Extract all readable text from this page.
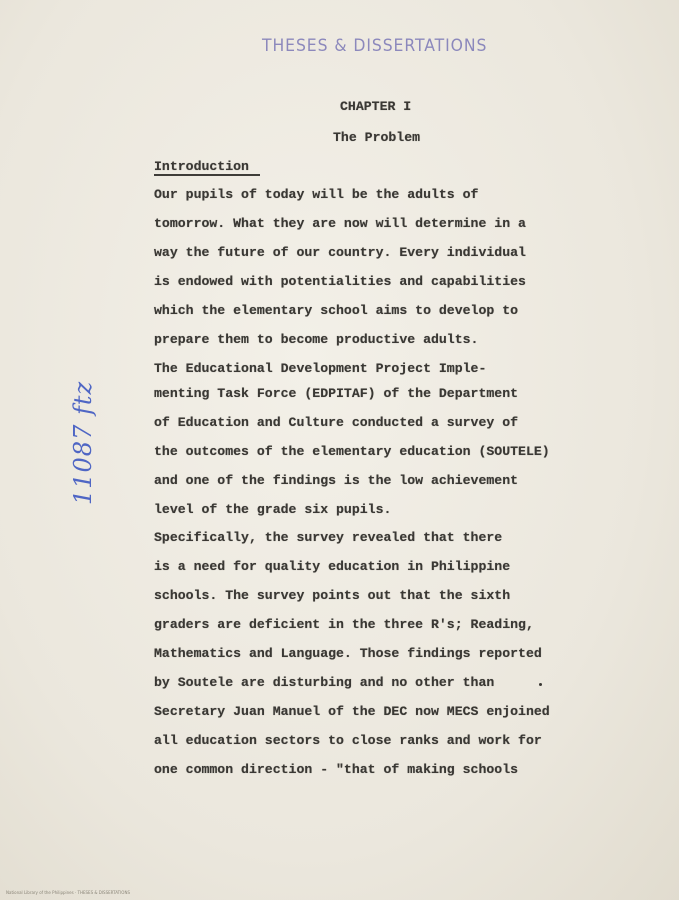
THESES & DISSERTATIONS
CHAPTER I
The Problem
Introduction
Our pupils of today will be the adults of
tomorrow. What they are now will determine in a
way the future of our country. Every individual
is endowed with potentialities and capabilities
which the elementary school aims to develop to
prepare them to become productive adults.
The Educational Development Project Imple-
menting Task Force (EDPITAF) of the Department
of Education and Culture conducted a survey of
the outcomes of the elementary education (SOUTELE)
and one of the findings is the low achievement
level of the grade six pupils.
Specifically, the survey revealed that there
is a need for quality education in Philippine
schools. The survey points out that the sixth
graders are deficient in the three R's; Reading,
Mathematics and Language. Those findings reported
by Soutele are disturbing and no other than
Secretary Juan Manuel of the DEC now MECS enjoined
all education sectors to close ranks and work for
one common direction - "that of making schools
11087 ftz
National Library of the Philippines · THESES & DISSERTATIONS
